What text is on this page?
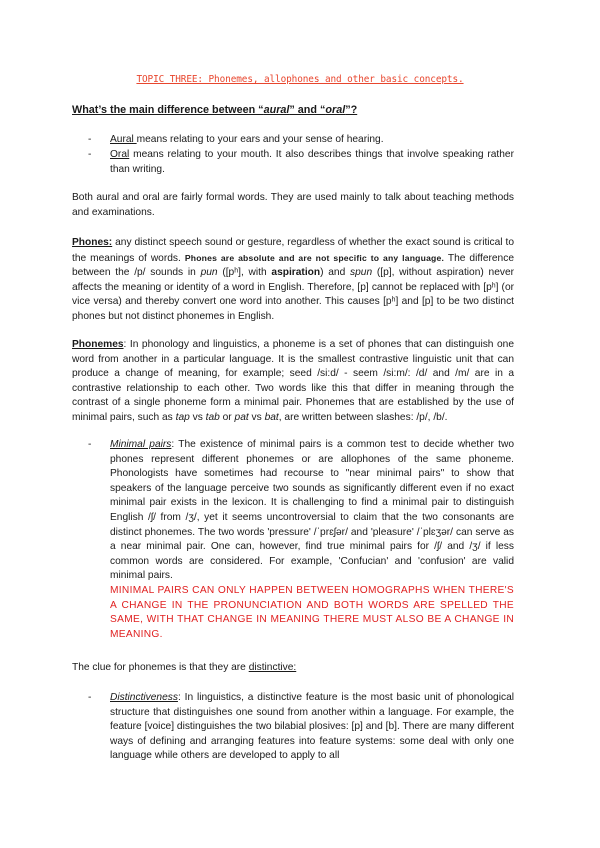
TOPIC THREE: Phonemes, allophones and other basic concepts.
What’s the main difference between “aural” and “oral”?
-	Aural means relating to your ears and your sense of hearing.
-	Oral means relating to your mouth. It also describes things that involve speaking rather than writing.
Both aural and oral are fairly formal words. They are used mainly to talk about teaching methods and examinations.
Phones: any distinct speech sound or gesture, regardless of whether the exact sound is critical to the meanings of words. Phones are absolute and are not specific to any language. The difference between the /p/ sounds in pun ([pʰ], with aspiration) and spun ([p], without aspiration) never affects the meaning or identity of a word in English. Therefore, [p] cannot be replaced with [pʰ] (or vice versa) and thereby convert one word into another. This causes [pʰ] and [p] to be two distinct phones but not distinct phonemes in English.
Phonemes: In phonology and linguistics, a phoneme is a set of phones that can distinguish one word from another in a particular language. It is the smallest contrastive linguistic unit that can produce a change of meaning, for example; seed /si:d/ - seem /si:m/: /d/ and /m/ are in a contrastive relationship to each other. Two words like this that differ in meaning through the contrast of a single phoneme form a minimal pair. Phonemes that are established by the use of minimal pairs, such as tap vs tab or pat vs bat, are written between slashes: /p/, /b/.
-	Minimal pairs: The existence of minimal pairs is a common test to decide whether two phones represent different phonemes or are allophones of the same phoneme. Phonologists have sometimes had recourse to "near minimal pairs" to show that speakers of the language perceive two sounds as significantly different even if no exact minimal pair exists in the lexicon. It is challenging to find a minimal pair to distinguish English /ʃ/ from /ʒ/, yet it seems uncontroversial to claim that the two consonants are distinct phonemes. The two words 'pressure' /ˈprɛʃər/ and 'pleasure' /ˈplɛʒər/ can serve as a near minimal pair. One can, however, find true minimal pairs for /ʃ/ and /ʒ/ if less common words are considered. For example, 'Confucian' and 'confusion' are valid minimal pairs.
MINIMAL PAIRS CAN ONLY HAPPEN BETWEEN HOMOGRAPHS WHEN THERE'S A CHANGE IN THE PRONUNCIATION AND BOTH WORDS ARE SPELLED THE SAME, WITH THAT CHANGE IN MEANING THERE MUST ALSO BE A CHANGE IN MEANING.
The clue for phonemes is that they are distinctive:
-	Distinctiveness: In linguistics, a distinctive feature is the most basic unit of phonological structure that distinguishes one sound from another within a language. For example, the feature [voice] distinguishes the two bilabial plosives: [p] and [b]. There are many different ways of defining and arranging features into feature systems: some deal with only one language while others are developed to apply to all
